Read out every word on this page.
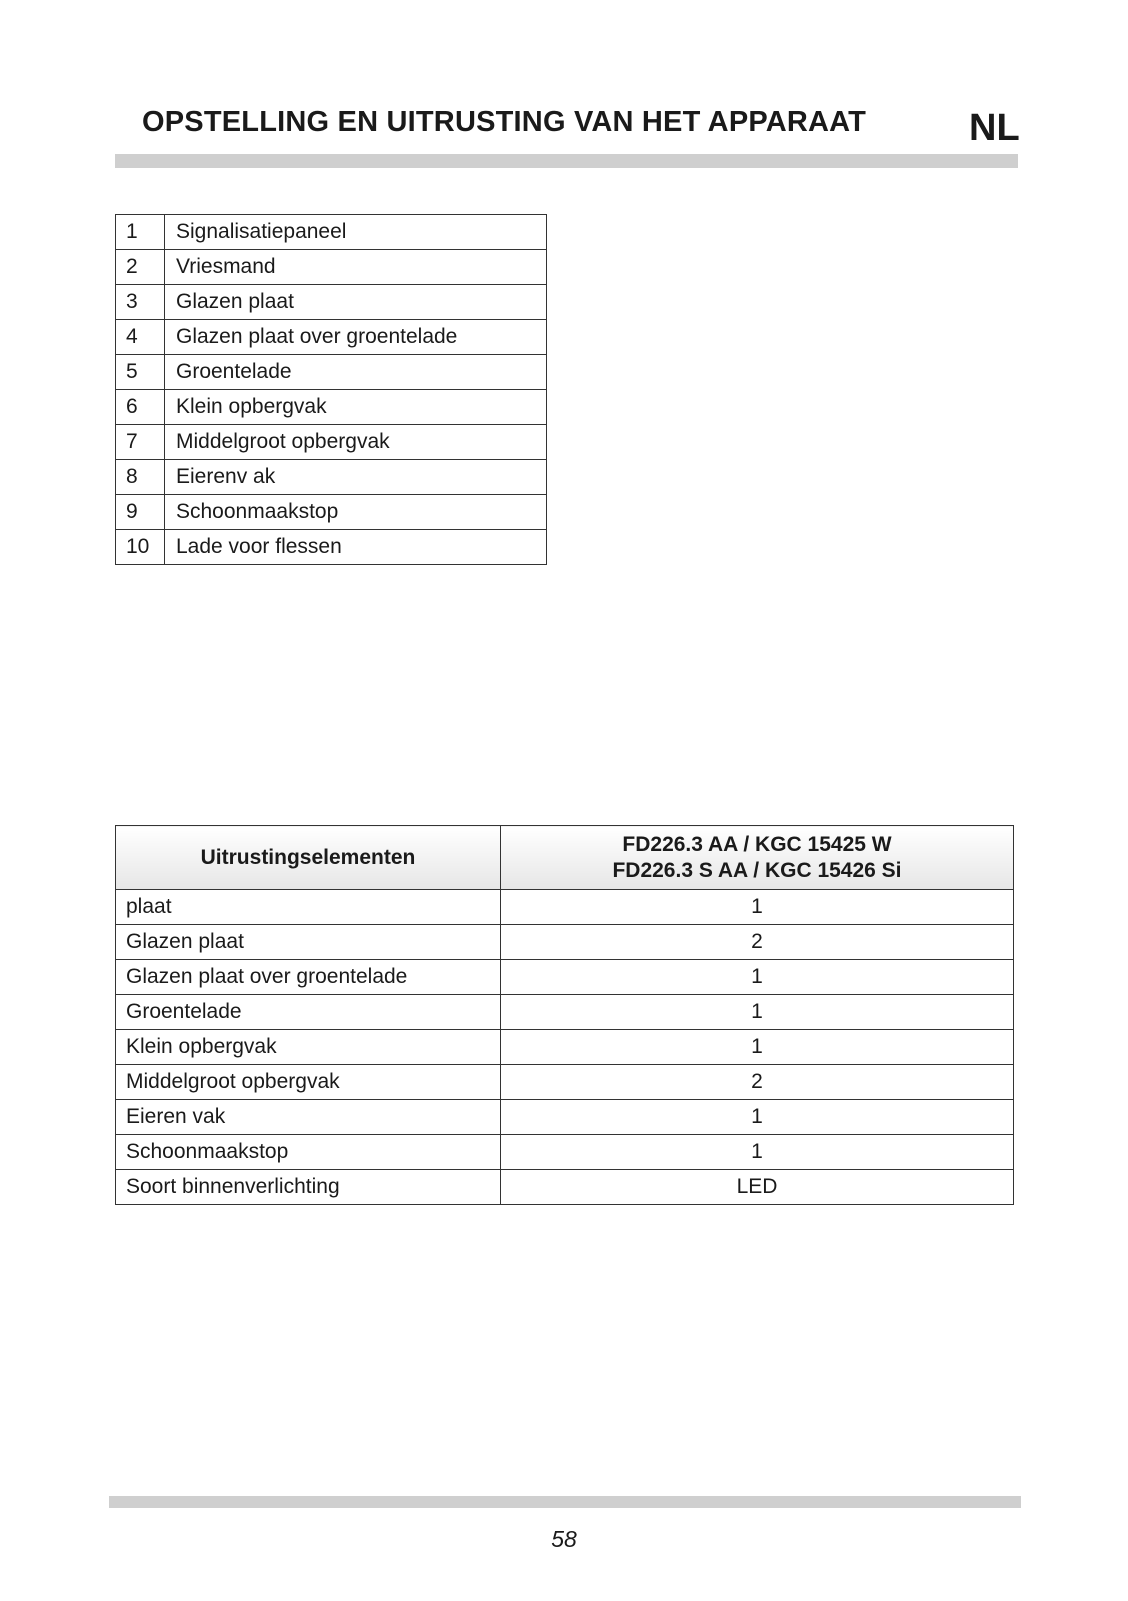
OPSTELLING EN UITRUSTING VAN HET APPARAAT	NL
1	Signalisatiepaneel
2	Vriesmand
3	Glazen plaat
4	Glazen plaat over groentelade
5	Groentelade
6	Klein opbergvak
7	Middelgroot opbergvak
8	Eierenv ak
9	Schoonmaakstop
10	Lade voor flessen
Uitrustingselementen	FD226.3 AA / KGC 15425 W
FD226.3 S AA / KGC 15426 Si

plaat	1
Glazen plaat	2
Glazen plaat over groentelade	1
Groentelade	1
Klein opbergvak	1
Middelgroot opbergvak	2
Eieren vak	1
Schoonmaakstop	1
Soort binnenverlichting	LED
58
